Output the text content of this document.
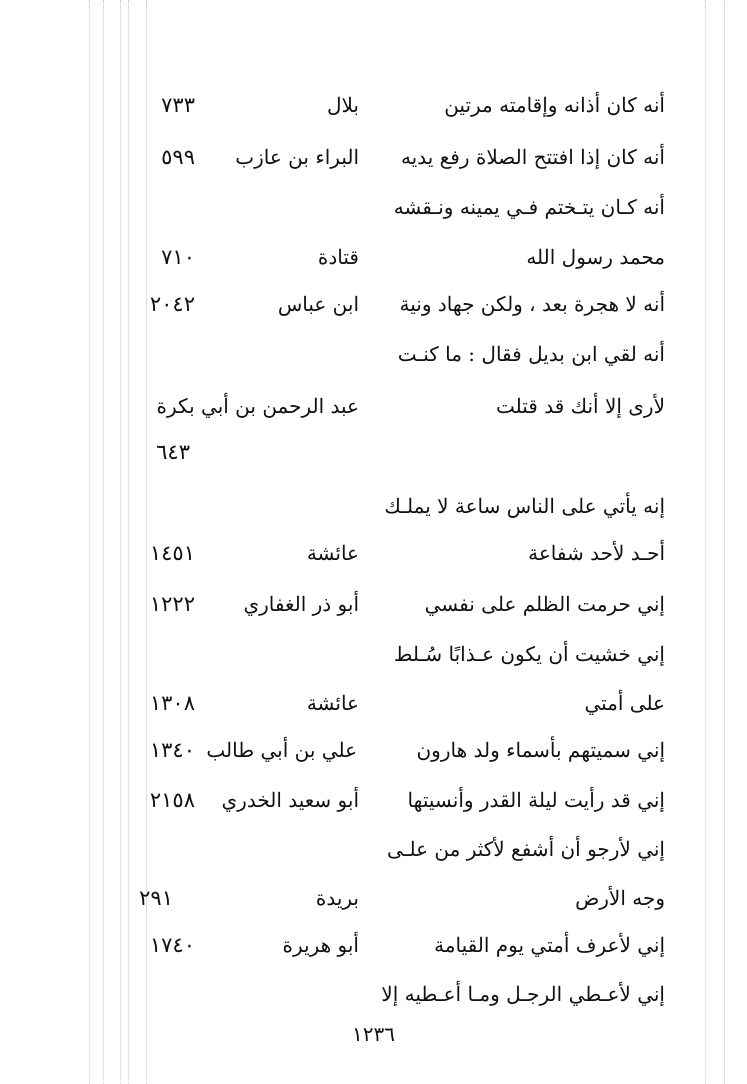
أنه كان أذانه وإقامته مرتين
بلال
٧٣٣
أنه كان إذا افتتح الصلاة رفع يديه
البراء بن عازب
٥٩٩
أنه كـان يتـختم فـي يمينه ونـقشه
محمد رسول الله
قتادة
٧١٠
أنه لا هجرة بعد ، ولكن جهاد ونية
ابن عباس
٢٠٤٢
أنه لقي ابن بديل فقال : ما كنـت
لأرى إلا أنك قد قتلت
عبد الرحمن بن أبي بكرة
٦٤٣
إنه يأتي على الناس ساعة لا يملـك
أحـد لأحد شفاعة
عائشة
١٤٥١
إني حرمت الظلم على نفسي
أبو ذر الغفاري
١٢٢٢
إني خشيت أن يكون عـذابًا سُـلط
على أمتي
عائشة
١٣٠٨
إني سميتهم بأسماء ولد هارون
علي بن أبي طالب
١٣٤٠
إني قد رأيت ليلة القدر وأنسيتها
أبو سعيد الخدري
٢١٥٨
إني لأرجو أن أشفع لأكثر من علـى
وجه الأرض
بريدة
٢٩١
إني لأعرف أمتي يوم القيامة
أبو هريرة
١٧٤٠
إني لأعـطي الرجـل ومـا أعـطيه إلا
١٢٣٦
